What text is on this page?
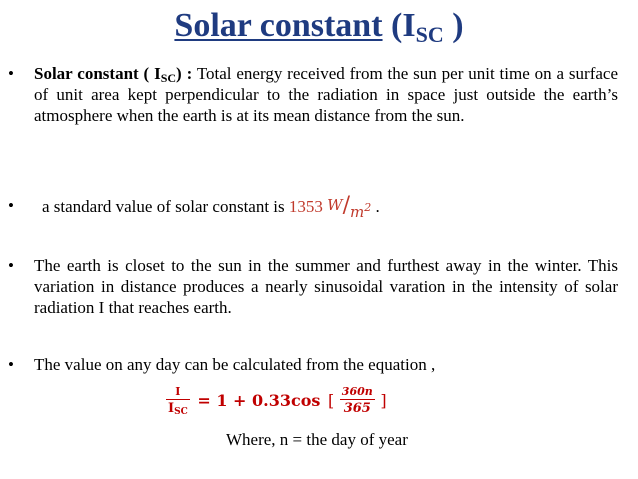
Solar constant ($I_{SC}$ )
•	Solar constant ( $I_{SC}$) : Total energy received from the sun per unit time on a surface of unit area kept perpendicular to the radiation in space just outside the earth’s atmosphere when the earth is at its mean distance from the sun.
•	a standard value of solar constant is 1353 $W/m^2$ .
•	The earth is closet to the sun in the summer and furthest away in the winter. This variation in distance produces a nearly sinusoidal varation in the intensity of solar radiation I that reaches earth.
•	The value on any day can be calculated from the equation ,
$\frac{I}{I_{SC}} = 1 + 0.33\cos$ [ $\frac{360n}{365}$ ]
Where, n = the day of year
